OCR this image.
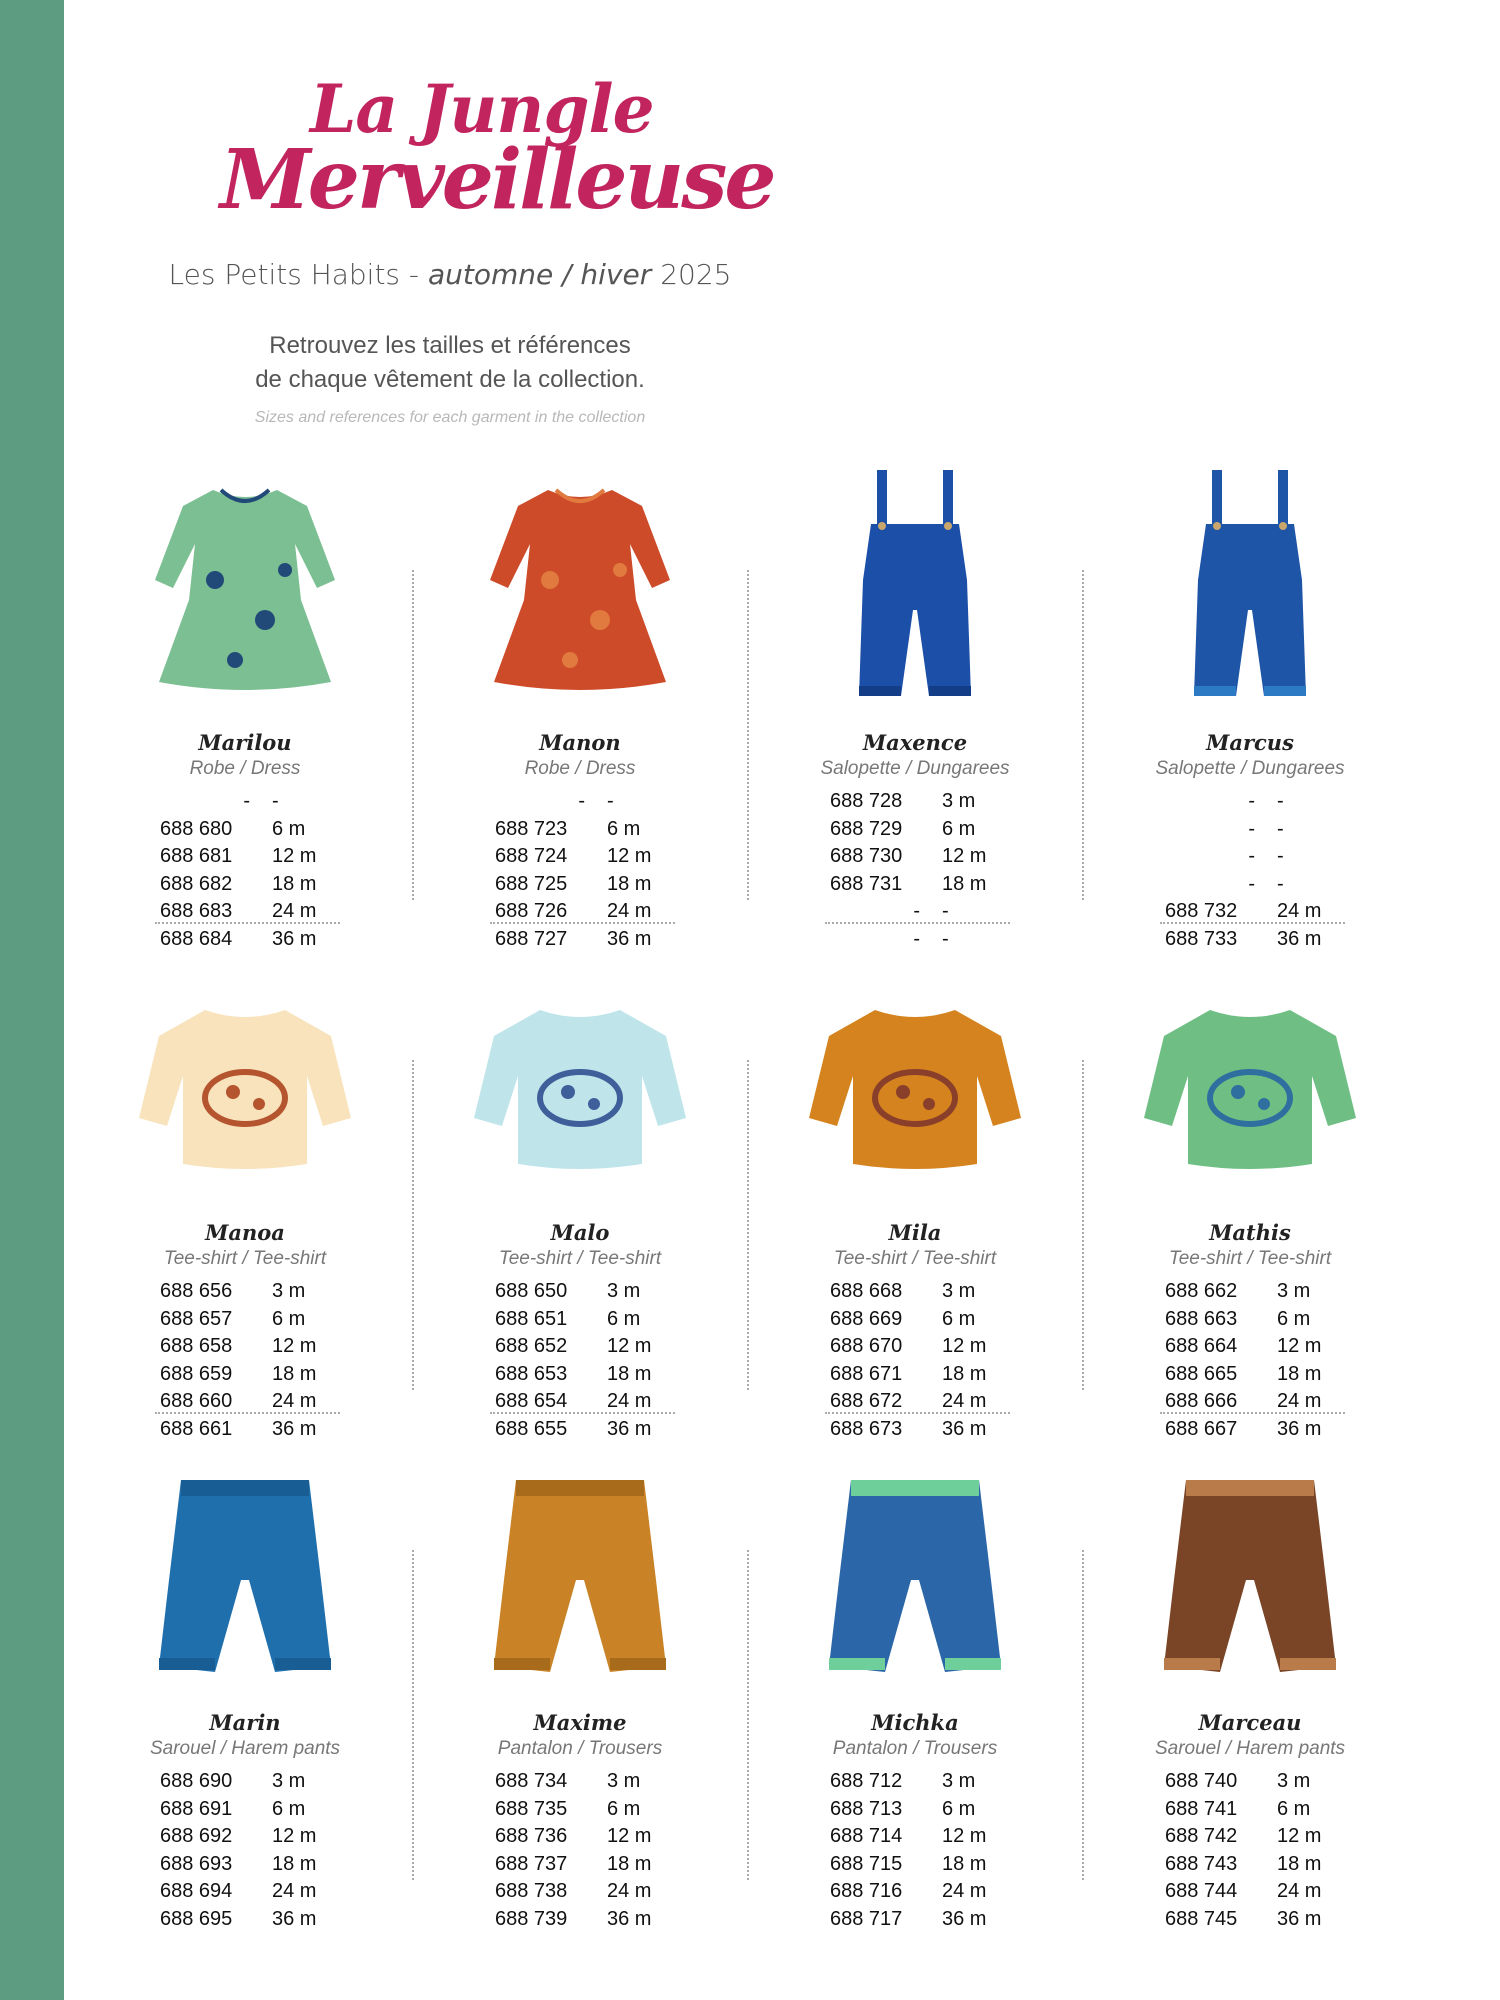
La Jungle
Merveilleuse
Les Petits Habits - automne / hiver 2025
Retrouvez les tailles et références
de chaque vêtement de la collection.
Sizes and references for each garment in the collection
Marilou
Robe / Dress
- -
688 680 6 m
688 681 12 m
688 682 18 m
688 683 24 m
688 684 36 m
Manon
Robe / Dress
- -
688 723 6 m
688 724 12 m
688 725 18 m
688 726 24 m
688 727 36 m
Maxence
Salopette / Dungarees
688 728 3 m
688 729 6 m
688 730 12 m
688 731 18 m
- -
- -
Marcus
Salopette / Dungarees
- -
- -
- -
- -
688 732 24 m
688 733 36 m
Manoa
Tee-shirt / Tee-shirt
688 656 3 m
688 657 6 m
688 658 12 m
688 659 18 m
688 660 24 m
688 661 36 m
Malo
Tee-shirt / Tee-shirt
688 650 3 m
688 651 6 m
688 652 12 m
688 653 18 m
688 654 24 m
688 655 36 m
Mila
Tee-shirt / Tee-shirt
688 668 3 m
688 669 6 m
688 670 12 m
688 671 18 m
688 672 24 m
688 673 36 m
Mathis
Tee-shirt / Tee-shirt
688 662 3 m
688 663 6 m
688 664 12 m
688 665 18 m
688 666 24 m
688 667 36 m
Marin
Sarouel / Harem pants
688 690 3 m
688 691 6 m
688 692 12 m
688 693 18 m
688 694 24 m
688 695 36 m
Maxime
Pantalon / Trousers
688 734 3 m
688 735 6 m
688 736 12 m
688 737 18 m
688 738 24 m
688 739 36 m
Michka
Pantalon / Trousers
688 712 3 m
688 713 6 m
688 714 12 m
688 715 18 m
688 716 24 m
688 717 36 m
Marceau
Sarouel / Harem pants
688 740 3 m
688 741 6 m
688 742 12 m
688 743 18 m
688 744 24 m
688 745 36 m
